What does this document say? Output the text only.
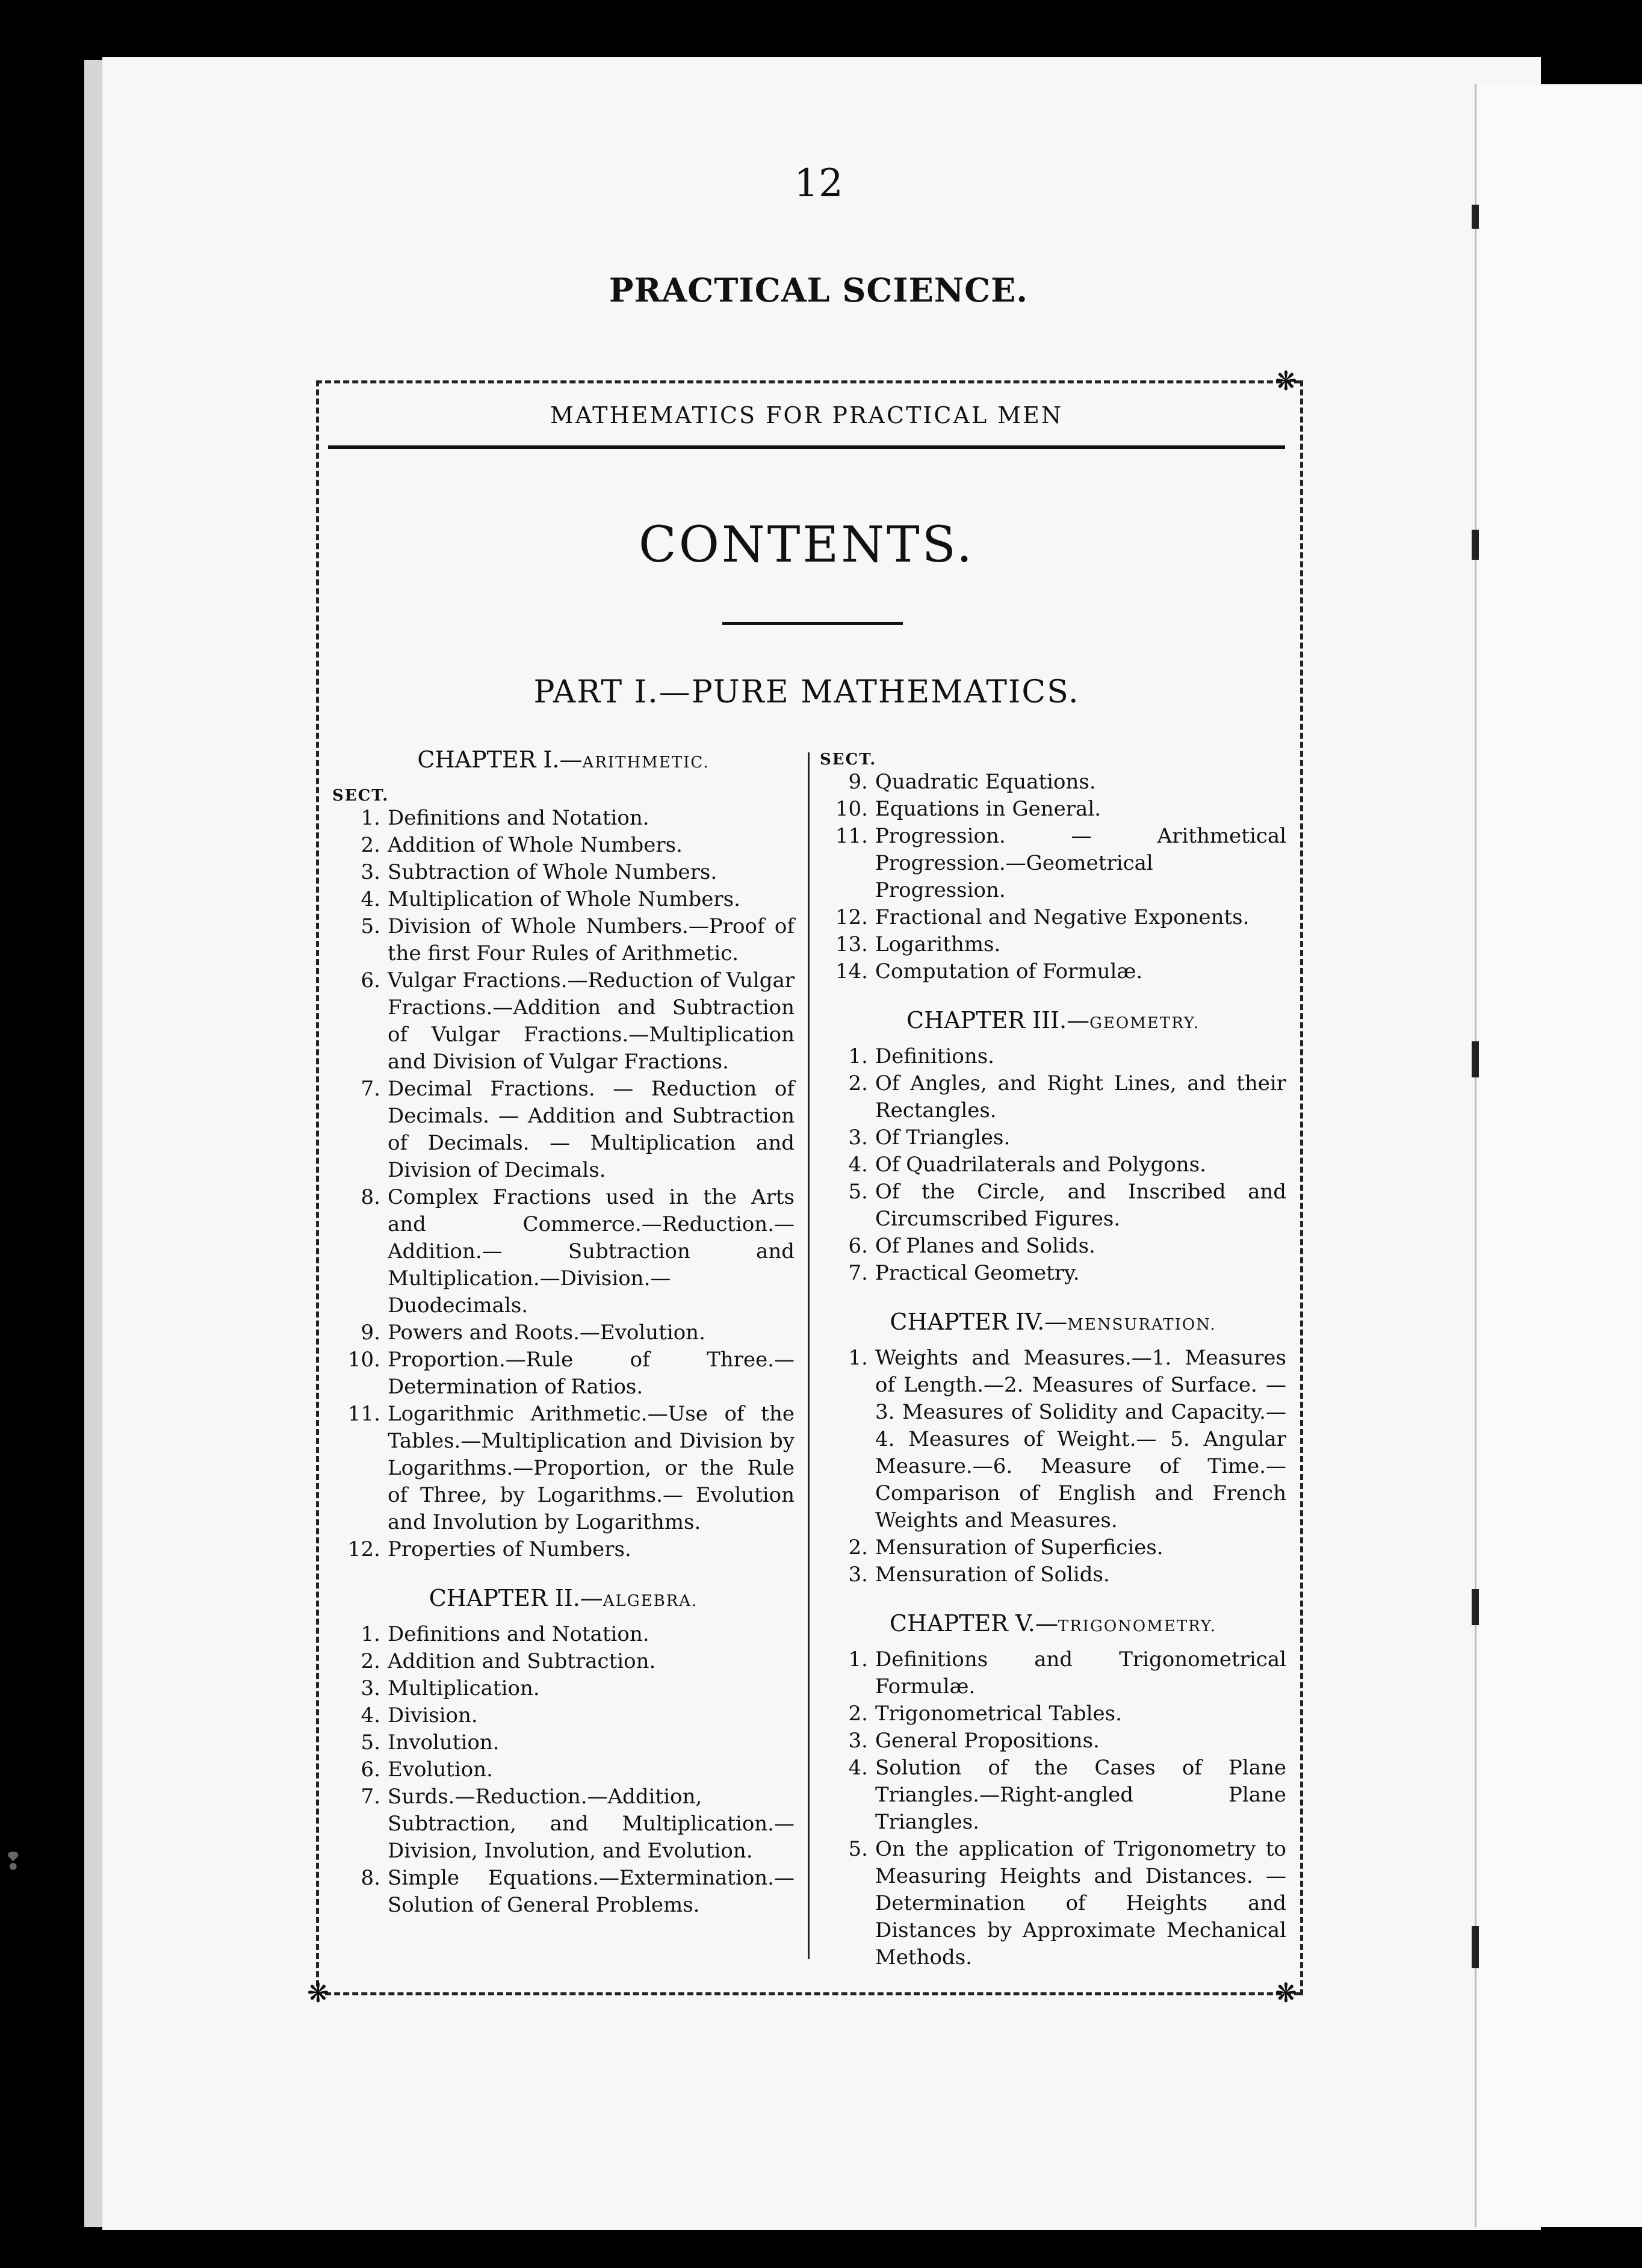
❢
12
PRACTICAL SCIENCE.
❋
❋
❋
MATHEMATICS FOR PRACTICAL MEN
CONTENTS.
PART I.—PURE MATHEMATICS.
CHAPTER I.—ARITHMETIC.
SECT.
1. Definitions and Notation.
2. Addition of Whole Numbers.
3. Subtraction of Whole Numbers.
4. Multiplication of Whole Numbers.
5. Division of Whole Numbers.—Proof of the first Four Rules of Arithmetic.
6. Vulgar Fractions.—Reduction of Vulgar Fractions.—Addition and Subtraction of Vulgar Fractions.—Multiplication and Division of Vulgar Fractions.
7. Decimal Fractions. — Reduction of Decimals. — Addition and Subtraction of Decimals. — Multiplication and Division of Decimals.
8. Complex Fractions used in the Arts and Commerce.—Reduction.—Addition.— Subtraction and Multiplication.—Division.—Duodecimals.
9. Powers and Roots.—Evolution.
10. Proportion.—Rule of Three.—Determination of Ratios.
11. Logarithmic Arithmetic.—Use of the Tables.—Multiplication and Division by Logarithms.—Proportion, or the Rule of Three, by Logarithms.— Evolution and Involution by Logarithms.
12. Properties of Numbers.
CHAPTER II.—ALGEBRA.
1. Definitions and Notation.
2. Addition and Subtraction.
3. Multiplication.
4. Division.
5. Involution.
6. Evolution.
7. Surds.—Reduction.—Addition, Subtraction, and Multiplication.—Division, Involution, and Evolution.
8. Simple Equations.—Extermination.— Solution of General Problems.
SECT.
9. Quadratic Equations.
10. Equations in General.
11. Progression. — Arithmetical Progression.—Geometrical Progression.
12. Fractional and Negative Exponents.
13. Logarithms.
14. Computation of Formulæ.
CHAPTER III.—GEOMETRY.
1. Definitions.
2. Of Angles, and Right Lines, and their Rectangles.
3. Of Triangles.
4. Of Quadrilaterals and Polygons.
5. Of the Circle, and Inscribed and Circumscribed Figures.
6. Of Planes and Solids.
7. Practical Geometry.
CHAPTER IV.—MENSURATION.
1. Weights and Measures.—1. Measures of Length.—2. Measures of Surface. —3. Measures of Solidity and Capacity.—4. Measures of Weight.— 5. Angular Measure.—6. Measure of Time.—Comparison of English and French Weights and Measures.
2. Mensuration of Superficies.
3. Mensuration of Solids.
CHAPTER V.—TRIGONOMETRY.
1. Definitions and Trigonometrical Formulæ.
2. Trigonometrical Tables.
3. General Propositions.
4. Solution of the Cases of Plane Triangles.—Right-angled Plane Triangles.
5. On the application of Trigonometry to Measuring Heights and Distances. — Determination of Heights and Distances by Approximate Mechanical Methods.
